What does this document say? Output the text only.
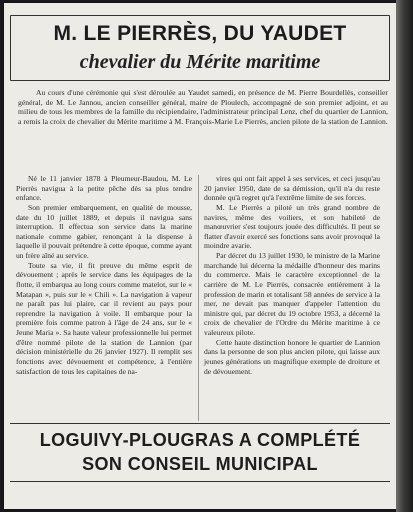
M. LE PIERRÈS, DU YAUDET
chevalier du Mérite maritime

Au cours d'une cérémonie qui s'est déroulée au Yaudet samedi, en présence de M. Pierre Bourdellès, conseiller général, de M. Le Jannou, ancien conseiller général, maire de Ploulech, accompagné de son premier adjoint, et au milieu de tous les membres de la famille du récipiendaire, l'administrateur principal Lenz, chef du quartier de Lannion, a remis la croix de chevalier du Mérite maritime à M. François-Marie Le Pierrès, ancien pilote de la station de Lannion.

Né le 11 janvier 1878 à Pleumeur-Baudou, M. Le Pierrès navigua à la petite pêche dès sa plus tendre enfance.

Son premier embarquement, en qualité de mousse, date du 10 juillet 1889, et depuis il navigua sans interruption. Il effectua son service dans la marine nationale comme gabier, renonçant à la dispense à laquelle il pouvait prétendre à cette époque, comme ayant un frère aîné au service.

Toute sa vie, il fit preuve du même esprit de dévouement ; après le service dans les équipages de la flotte, il embarqua au long cours comme matelot, sur le « Matapan », puis sur le « Chili ». La navigation à vapeur ne paraît pas lui plaire, car il revient au pays pour reprendre la navigation à voile. Il embarque pour la première fois comme patron à l'âge de 24 ans, sur le « Jeune Maria ». Sa haute valeur professionnelle lui permet d'être nommé pilote de la station de Lannion (par décision ministérielle du 26 janvier 1927). Il remplit ses fonctions avec dévouement et compétence, à l'entière satisfaction de tous les capitaines de na-

vires qui ont fait appel à ses services, et ceci jusqu'au 20 janvier 1950, date de sa démission, qu'il n'a du reste donnée qu'à regret qu'à l'extrême limite de ses forces.

M. Le Pierrès a piloté un très grand nombre de navires, même des voiliers, et son habileté de manœuvrier s'est toujours jouée des difficultés. Il peut se flatter d'avoir exercé ses fonctions sans avoir provoqué la moindre avarie.

Par décret du 13 juillet 1930, le ministre de la Marine marchande lui décerna la médaille d'honneur des marins du commerce. Mais le caractère exceptionnel de la carrière de M. Le Pierrès, consacrée entièrement à la profession de marin et totalisant 58 années de service à la mer, ne devait pas manquer d'appeler l'attention du ministre qui, par décret du 19 octobre 1953, a décerné la croix de chevalier de l'Ordre du Mérite maritime à ce valeureux pilote.

Cette haute distinction honore le quartier de Lannion dans la personne de son plus ancien pilote, qui laisse aux jeunes générations un magnifique exemple de droiture et de dévouement.

LOGUIVY-PLOUGRAS A COMPLÉTÉ
SON CONSEIL MUNICIPAL
